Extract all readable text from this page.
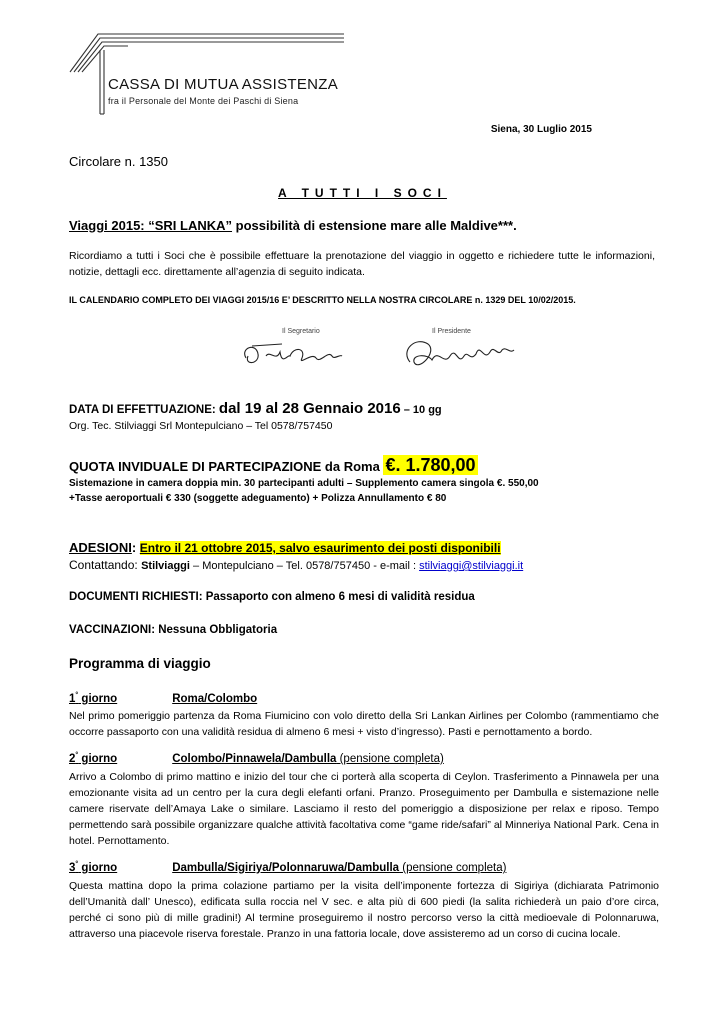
CASSA DI MUTUA ASSISTENZA
fra il Personale del Monte dei Paschi di Siena
Siena, 30 Luglio 2015
Circolare n. 1350
A TUTTI I SOCI
Viaggi 2015: “SRI LANKA” possibilità di estensione mare alle Maldive***.
Ricordiamo a tutti i Soci che è possibile effettuare la prenotazione del viaggio in oggetto e richiedere tutte le informazioni, notizie, dettagli ecc. direttamente all’agenzia di seguito indicata.
IL CALENDARIO COMPLETO DEI VIAGGI 2015/16 E’ DESCRITTO NELLA NOSTRA CIRCOLARE n. 1329 DEL 10/02/2015.
Il Segretario	Il Presidente
DATA DI EFFETTUAZIONE: dal 19 al 28 Gennaio 2016 – 10 gg
Org. Tec. Stilviaggi Srl Montepulciano – Tel 0578/757450
QUOTA INVIDUALE DI PARTECIPAZIONE da Roma €. 1.780,00
Sistemazione in camera doppia min. 30 partecipanti adulti – Supplemento camera singola €. 550,00
+Tasse aeroportuali € 330 (soggette adeguamento) + Polizza Annullamento € 80
ADESIONI: Entro il 21 ottobre 2015, salvo esaurimento dei posti disponibili
Contattando: Stilviaggi – Montepulciano – Tel. 0578/757450 - e-mail : stilviaggi@stilviaggi.it
DOCUMENTI RICHIESTI: Passaporto con almeno 6 mesi di validità residua
VACCINAZIONI: Nessuna Obbligatoria
Programma di viaggio
1° giorno	Roma/Colombo
Nel primo pomeriggio partenza da Roma Fiumicino con volo diretto della Sri Lankan Airlines per Colombo (rammentiamo che occorre passaporto con una validità residua di almeno 6 mesi + visto d’ingresso). Pasti e pernottamento a bordo.
2° giorno	Colombo/Pinnawela/Dambulla (pensione completa)
Arrivo a Colombo di primo mattino e inizio del tour che ci porterà alla scoperta di Ceylon. Trasferimento a Pinnawela per una emozionante visita ad un centro per la cura degli elefanti orfani. Pranzo. Proseguimento per Dambulla e sistemazione nelle camere riservate dell’Amaya Lake o similare. Lasciamo il resto del pomeriggio a disposizione per relax e riposo. Tempo permettendo sarà possibile organizzare qualche attività facoltativa come “game ride/safari” al Minneriya National Park. Cena in hotel. Pernottamento.
3° giorno	Dambulla/Sigiriya/Polonnaruwa/Dambulla (pensione completa)
Questa mattina dopo la prima colazione partiamo per la visita dell’imponente fortezza di Sigiriya (dichiarata Patrimonio dell’Umanità dall’ Unesco), edificata sulla roccia nel V sec. e alta più di 600 piedi (la salita richiederà un paio d’ore circa, perché ci sono più di mille gradini!) Al termine proseguiremo il nostro percorso verso la città medioevale di Polonnaruwa, attraverso una piacevole riserva forestale. Pranzo in una fattoria locale, dove assisteremo ad un corso di cucina locale.
